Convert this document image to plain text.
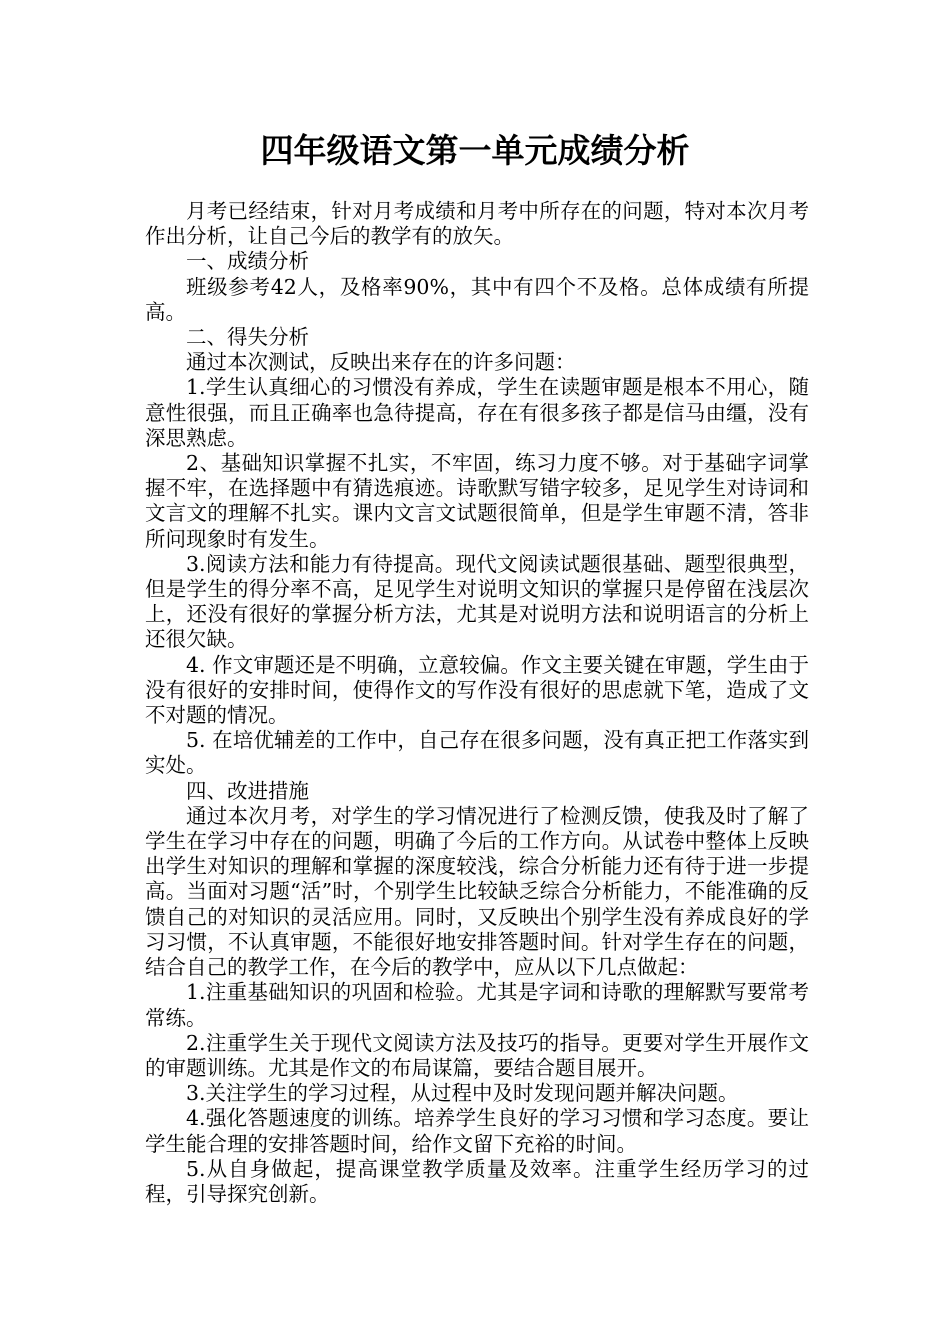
四年级语文第一单元成绩分析

月考已经结束，针对月考成绩和月考中所存在的问题，特对本次月考作出分析，让自己今后的教学有的放矢。

一、成绩分析

班级参考42人，及格率90%，其中有四个不及格。总体成绩有所提高。

二、得失分析

通过本次测试，反映出来存在的许多问题：

1.学生认真细心的习惯没有养成，学生在读题审题是根本不用心，随意性很强，而且正确率也急待提高，存在有很多孩子都是信马由缰，没有深思熟虑。

2、基础知识掌握不扎实，不牢固，练习力度不够。对于基础字词掌握不牢，在选择题中有猜选痕迹。诗歌默写错字较多，足见学生对诗词和文言文的理解不扎实。课内文言文试题很简单，但是学生审题不清，答非所问现象时有发生。

3.阅读方法和能力有待提高。现代文阅读试题很基础、题型很典型，但是学生的得分率不高，足见学生对说明文知识的掌握只是停留在浅层次上，还没有很好的掌握分析方法，尤其是对说明方法和说明语言的分析上还很欠缺。

4. 作文审题还是不明确，立意较偏。作文主要关键在审题，学生由于没有很好的安排时间，使得作文的写作没有很好的思虑就下笔，造成了文不对题的情况。

5. 在培优辅差的工作中，自己存在很多问题，没有真正把工作落实到实处。

四、改进措施

通过本次月考，对学生的学习情况进行了检测反馈，使我及时了解了学生在学习中存在的问题，明确了今后的工作方向。从试卷中整体上反映出学生对知识的理解和掌握的深度较浅，综合分析能力还有待于进一步提高。当面对习题“活”时，个别学生比较缺乏综合分析能力，不能准确的反馈自己的对知识的灵活应用。同时，又反映出个别学生没有养成良好的学习习惯，不认真审题，不能很好地安排答题时间。针对学生存在的问题，结合自己的教学工作，在今后的教学中，应从以下几点做起：

1.注重基础知识的巩固和检验。尤其是字词和诗歌的理解默写要常考常练。

2.注重学生关于现代文阅读方法及技巧的指导。更要对学生开展作文的审题训练。尤其是作文的布局谋篇，要结合题目展开。

3.关注学生的学习过程，从过程中及时发现问题并解决问题。

4.强化答题速度的训练。培养学生良好的学习习惯和学习态度。要让学生能合理的安排答题时间，给作文留下充裕的时间。

5.从自身做起，提高课堂教学质量及效率。注重学生经历学习的过程，引导探究创新。
